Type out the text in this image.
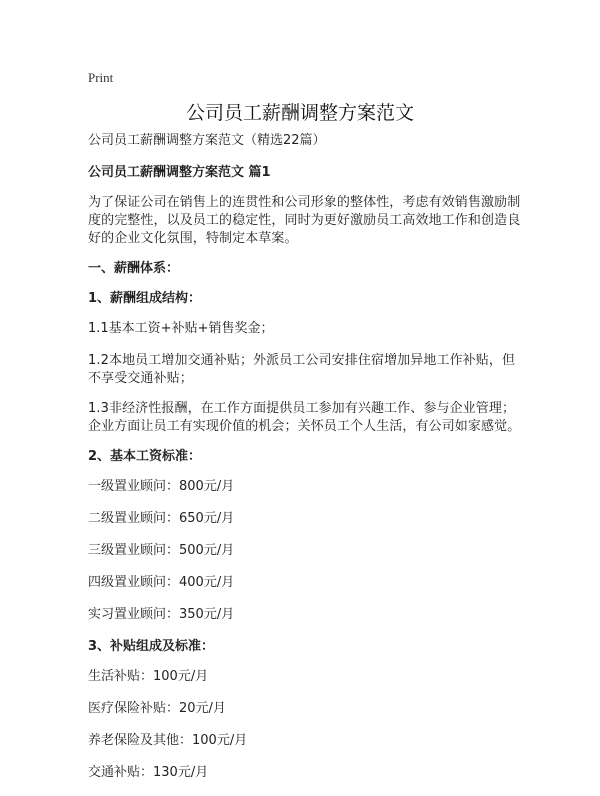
Print
公司员工薪酬调整方案范文
公司员工薪酬调整方案范文（精选22篇）
公司员工薪酬调整方案范文 篇1
为了保证公司在销售上的连贯性和公司形象的整体性，考虑有效销售激励制度的完整性，以及员工的稳定性，同时为更好激励员工高效地工作和创造良好的企业文化氛围，特制定本草案。
一、薪酬体系：
1、薪酬组成结构：
1.1基本工资+补贴+销售奖金；
1.2本地员工增加交通补贴；外派员工公司安排住宿增加异地工作补贴，但不享受交通补贴；
1.3非经济性报酬，在工作方面提供员工参加有兴趣工作、参与企业管理；企业方面让员工有实现价值的机会；关怀员工个人生活，有公司如家感觉。
2、基本工资标准：
一级置业顾问：800元/月
二级置业顾问：650元/月
三级置业顾问：500元/月
四级置业顾问：400元/月
实习置业顾问：350元/月
3、补贴组成及标准：
生活补贴：100元/月
医疗保险补贴：20元/月
养老保险及其他：100元/月
交通补贴：130元/月
